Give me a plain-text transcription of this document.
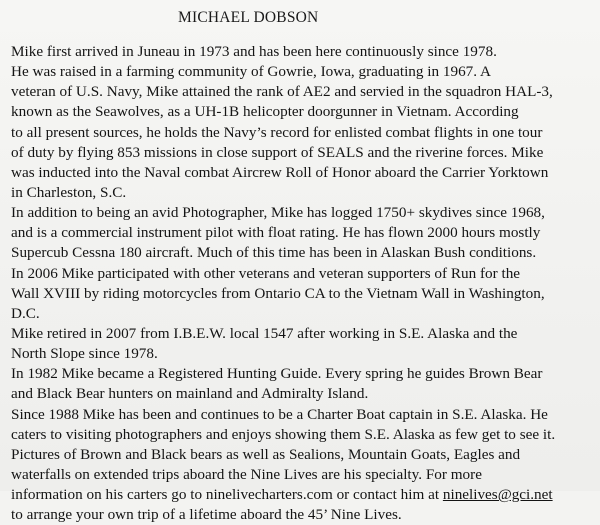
MICHAEL DOBSON
Mike first arrived in Juneau in 1973 and has been here continuously since 1978.
He was raised in a farming community of Gowrie, Iowa, graduating in 1967. A
veteran of U.S. Navy, Mike attained the rank of AE2 and servied in the squadron HAL-3,
known as the Seawolves, as a UH-1B helicopter doorgunner in Vietnam. According
to all present sources, he holds the Navy’s record for enlisted combat flights in one tour
of duty by flying 853 missions in close support of SEALS and the riverine forces. Mike
was inducted into the Naval combat Aircrew Roll of Honor aboard the Carrier Yorktown
in Charleston, S.C.
In addition to being an avid Photographer, Mike has logged 1750+ skydives since 1968,
and is a commercial instrument pilot with float rating. He has flown 2000 hours mostly
Supercub Cessna 180 aircraft. Much of this time has been in Alaskan Bush conditions.
In 2006 Mike participated with other veterans and veteran supporters of Run for the
Wall XVIII by riding motorcycles from Ontario CA to the Vietnam Wall in Washington,
D.C.
Mike retired in 2007 from I.B.E.W. local 1547 after working in S.E. Alaska and the
North Slope since 1978.
In 1982 Mike became a Registered Hunting Guide. Every spring he guides Brown Bear
and Black Bear hunters on mainland and Admiralty Island.
Since 1988 Mike has been and continues to be a Charter Boat captain in S.E. Alaska. He
caters to visiting photographers and enjoys showing them S.E. Alaska as few get to see it.
Pictures of Brown and Black bears as well as Sealions, Mountain Goats, Eagles and
waterfalls on extended trips aboard the Nine Lives are his specialty. For more
information on his carters go to ninelivecharters.com or contact him at ninelives@gci.net
to arrange your own trip of a lifetime aboard the 45’ Nine Lives.
